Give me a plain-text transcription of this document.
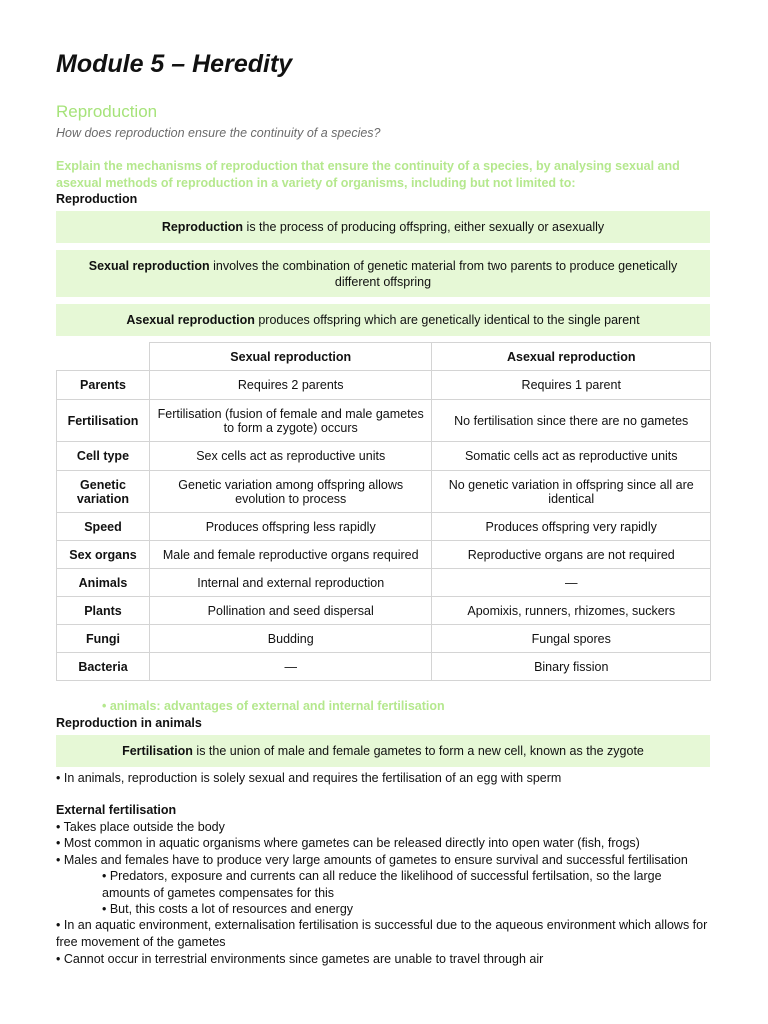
Module 5 – Heredity
Reproduction
How does reproduction ensure the continuity of a species?
Explain the mechanisms of reproduction that ensure the continuity of a species, by analysing sexual and asexual methods of reproduction in a variety of organisms, including but not limited to:
Reproduction
Reproduction is the process of producing offspring, either sexually or asexually
Sexual reproduction involves the combination of genetic material from two parents to produce genetically different offspring
Asexual reproduction produces offspring which are genetically identical to the single parent
	Sexual reproduction	Asexual reproduction
Parents	Requires 2 parents	Requires 1 parent
Fertilisation	Fertilisation (fusion of female and male gametes to form a zygote) occurs	No fertilisation since there are no gametes
Cell type	Sex cells act as reproductive units	Somatic cells act as reproductive units
Genetic variation	Genetic variation among offspring allows evolution to process	No genetic variation in offspring since all are identical
Speed	Produces offspring less rapidly	Produces offspring very rapidly
Sex organs	Male and female reproductive organs required	Reproductive organs are not required
Animals	Internal and external reproduction	—
Plants	Pollination and seed dispersal	Apomixis, runners, rhizomes, suckers
Fungi	Budding	Fungal spores
Bacteria	—	Binary fission
• animals: advantages of external and internal fertilisation
Reproduction in animals
Fertilisation is the union of male and female gametes to form a new cell, known as the zygote
• In animals, reproduction is solely sexual and requires the fertilisation of an egg with sperm
External fertilisation
• Takes place outside the body
• Most common in aquatic organisms where gametes can be released directly into open water (fish, frogs)
• Males and females have to produce very large amounts of gametes to ensure survival and successful fertilisation
• Predators, exposure and currents can all reduce the likelihood of successful fertilsation, so the large amounts of gametes compensates for this
• But, this costs a lot of resources and energy
• In an aquatic environment, externalisation fertilisation is successful due to the aqueous environment which allows for free movement of the gametes
• Cannot occur in terrestrial environments since gametes are unable to travel through air
